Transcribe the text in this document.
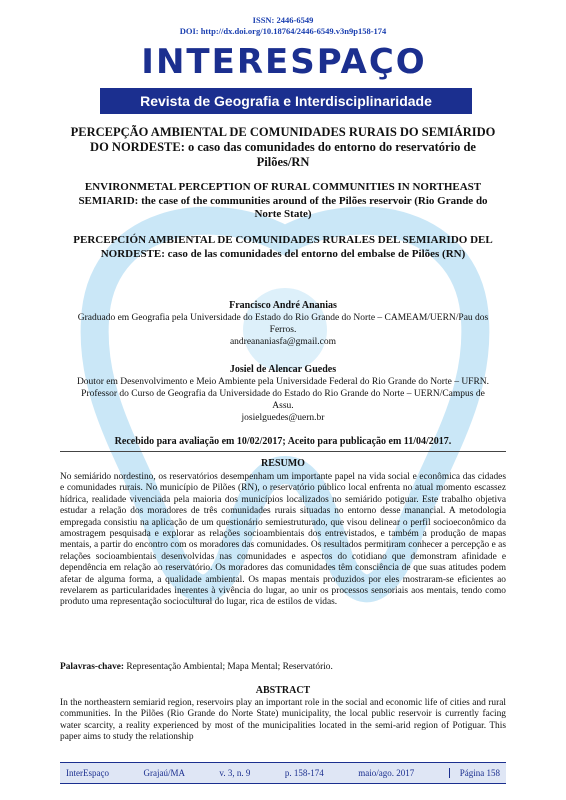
ISSN: 2446-6549
DOI: http://dx.doi.org/10.18764/2446-6549.v3n9p158-174
INTERESPAÇO
Revista de Geografia e Interdisciplinaridade
PERCEPÇÃO AMBIENTAL DE COMUNIDADES RURAIS DO SEMIÁRIDO DO NORDESTE: o caso das comunidades do entorno do reservatório de Pilões/RN
ENVIRONMETAL PERCEPTION OF RURAL COMMUNITIES IN NORTHEAST SEMIARID: the case of the communities around of the Pilões reservoir (Rio Grande do Norte State)
PERCEPCIÓN AMBIENTAL DE COMUNIDADES RURALES DEL SEMIARIDO DEL NORDESTE: caso de las comunidades del entorno del embalse de Pilões (RN)
Francisco André Ananias
Graduado em Geografia pela Universidade do Estado do Rio Grande do Norte – CAMEAM/UERN/Pau dos Ferros.
andreananiasfa@gmail.com
Josiel de Alencar Guedes
Doutor em Desenvolvimento e Meio Ambiente pela Universidade Federal do Rio Grande do Norte – UFRN. Professor do Curso de Geografia da Universidade do Estado do Rio Grande do Norte – UERN/Campus de Assu.
josielguedes@uern.br
Recebido para avaliação em 10/02/2017; Aceito para publicação em 11/04/2017.
RESUMO
No semiárido nordestino, os reservatórios desempenham um importante papel na vida social e econômica das cidades e comunidades rurais. No município de Pilões (RN), o reservatório público local enfrenta no atual momento escassez hídrica, realidade vivenciada pela maioria dos municípios localizados no semiárido potiguar. Este trabalho objetiva estudar a relação dos moradores de três comunidades rurais situadas no entorno desse manancial. A metodologia empregada consistiu na aplicação de um questionário semiestruturado, que visou delinear o perfil socioeconômico da amostragem pesquisada e explorar as relações socioambientais dos entrevistados, e também a produção de mapas mentais, a partir do encontro com os moradores das comunidades. Os resultados permitiram conhecer a percepção e as relações socioambientais desenvolvidas nas comunidades e aspectos do cotidiano que demonstram afinidade e dependência em relação ao reservatório. Os moradores das comunidades têm consciência de que suas atitudes podem afetar de alguma forma, a qualidade ambiental. Os mapas mentais produzidos por eles mostraram-se eficientes ao revelarem as particularidades inerentes à vivência do lugar, ao unir os processos sensoriais aos mentais, tendo como produto uma representação sociocultural do lugar, rica de estilos de vidas.
Palavras-chave: Representação Ambiental; Mapa Mental; Reservatório.
ABSTRACT
In the northeastern semiarid region, reservoirs play an important role in the social and economic life of cities and rural communities. In the Pilões (Rio Grande do Norte State) municipality, the local public reservoir is currently facing water scarcity, a reality experienced by most of the municipalities located in the semi-arid region of Potiguar. This paper aims to study the relationship
InterEspaço	Grajaú/MA	v. 3, n. 9	p. 158-174	maio/ago. 2017	Página 158
